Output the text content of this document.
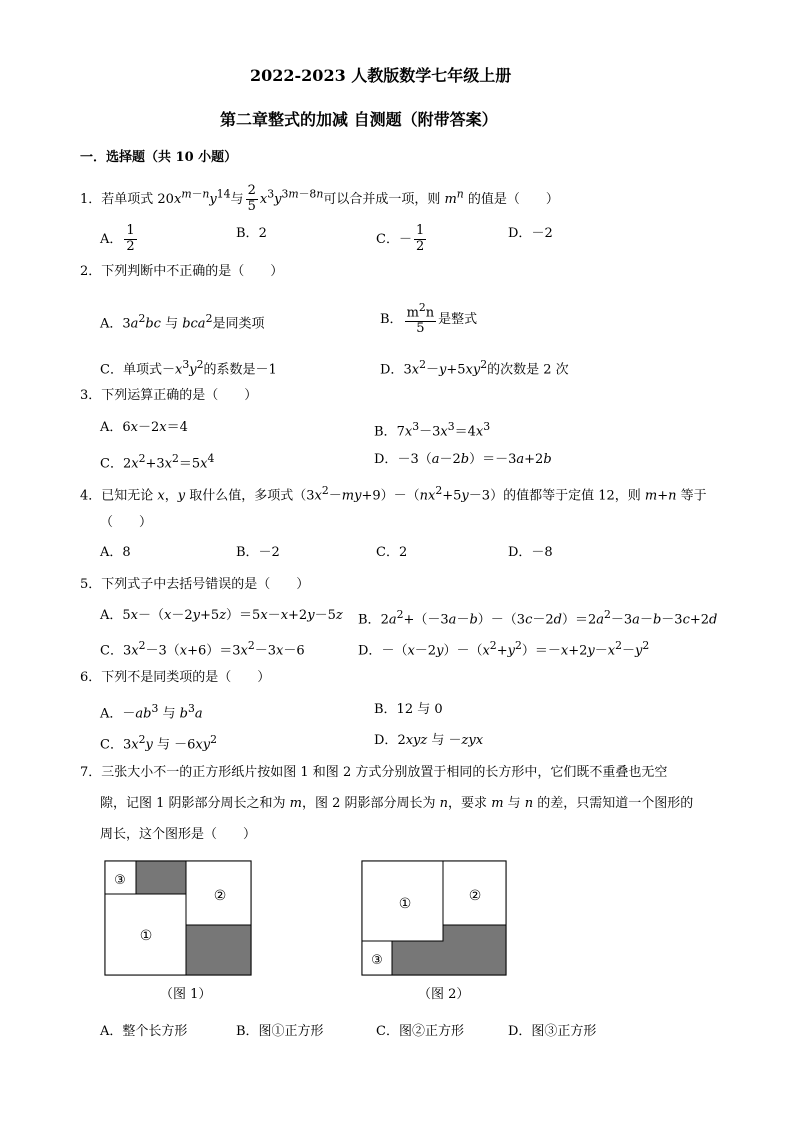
2022-2023 人教版数学七年级上册
第二章整式的加减 自测题（附带答案）
一．选择题（共 10 小题）
1．若单项式 $20x^{m-n}y^{14}$与 $\frac{2}{5} x^3y^{3m-8n}$可以合并成一项，则 $m^n$ 的值是（　　）
A． $\frac{1}{2}$	B．2	C．－ $\frac{1}{2}$	D．－2
2．下列判断中不正确的是（　　）
A．$3a^2bc$ 与 bca$^2$是同类项	B． $\frac{m^2n}{5}$ 是整式
C．单项式$-x^3y^2$的系数是－1	D．$3x^2-y+5xy^2$的次数是 2 次
3．下列运算正确的是（　　）
A．6x－2x＝4	B．$7x^3-3x^3=4x^3$
C．$2x^2+3x^2=5x^4$	D．－3（a－2b）＝－3a+2b
4．已知无论 x，y 取什么值，多项式$(3x^2-my+9)-(nx^2+5y-3)$的值都等于定值 12，则 m+n 等于
（　　）
A．8	B．－2	C．2	D．－8
5．下列式子中去括号错误的是（　　）
A．5x－（x－2y+5z）＝5x－x+2y－5z B．$2a^2+(-3a-b)-(3c-2d)=2a^2-3a-b-3c+2d$
C．$3x^2-3(x+6)=3x^2-3x-6$	D．$-(x-2y)-(x^2+y^2)=-x+2y-x^2-y^2$
6．下列不是同类项的是（　　）
A．$-ab^3$ 与 $b^3a$	B．12 与 0
C．$3x^2y$ 与 $-6xy^2$	D．2xyz 与 －zyx
7．三张大小不一的正方形纸片按如图 1 和图 2 方式分别放置于相同的长方形中，它们既不重叠也无空
隙，记图 1 阴影部分周长之和为 m，图 2 阴影部分周长为 n，要求 m 与 n 的差，只需知道一个图形的
周长，这个图形是（　　）
③
②
①
（图 1）
①	②
③
（图 2）
A．整个长方形	B．图①正方形	C．图②正方形	D．图③正方形
